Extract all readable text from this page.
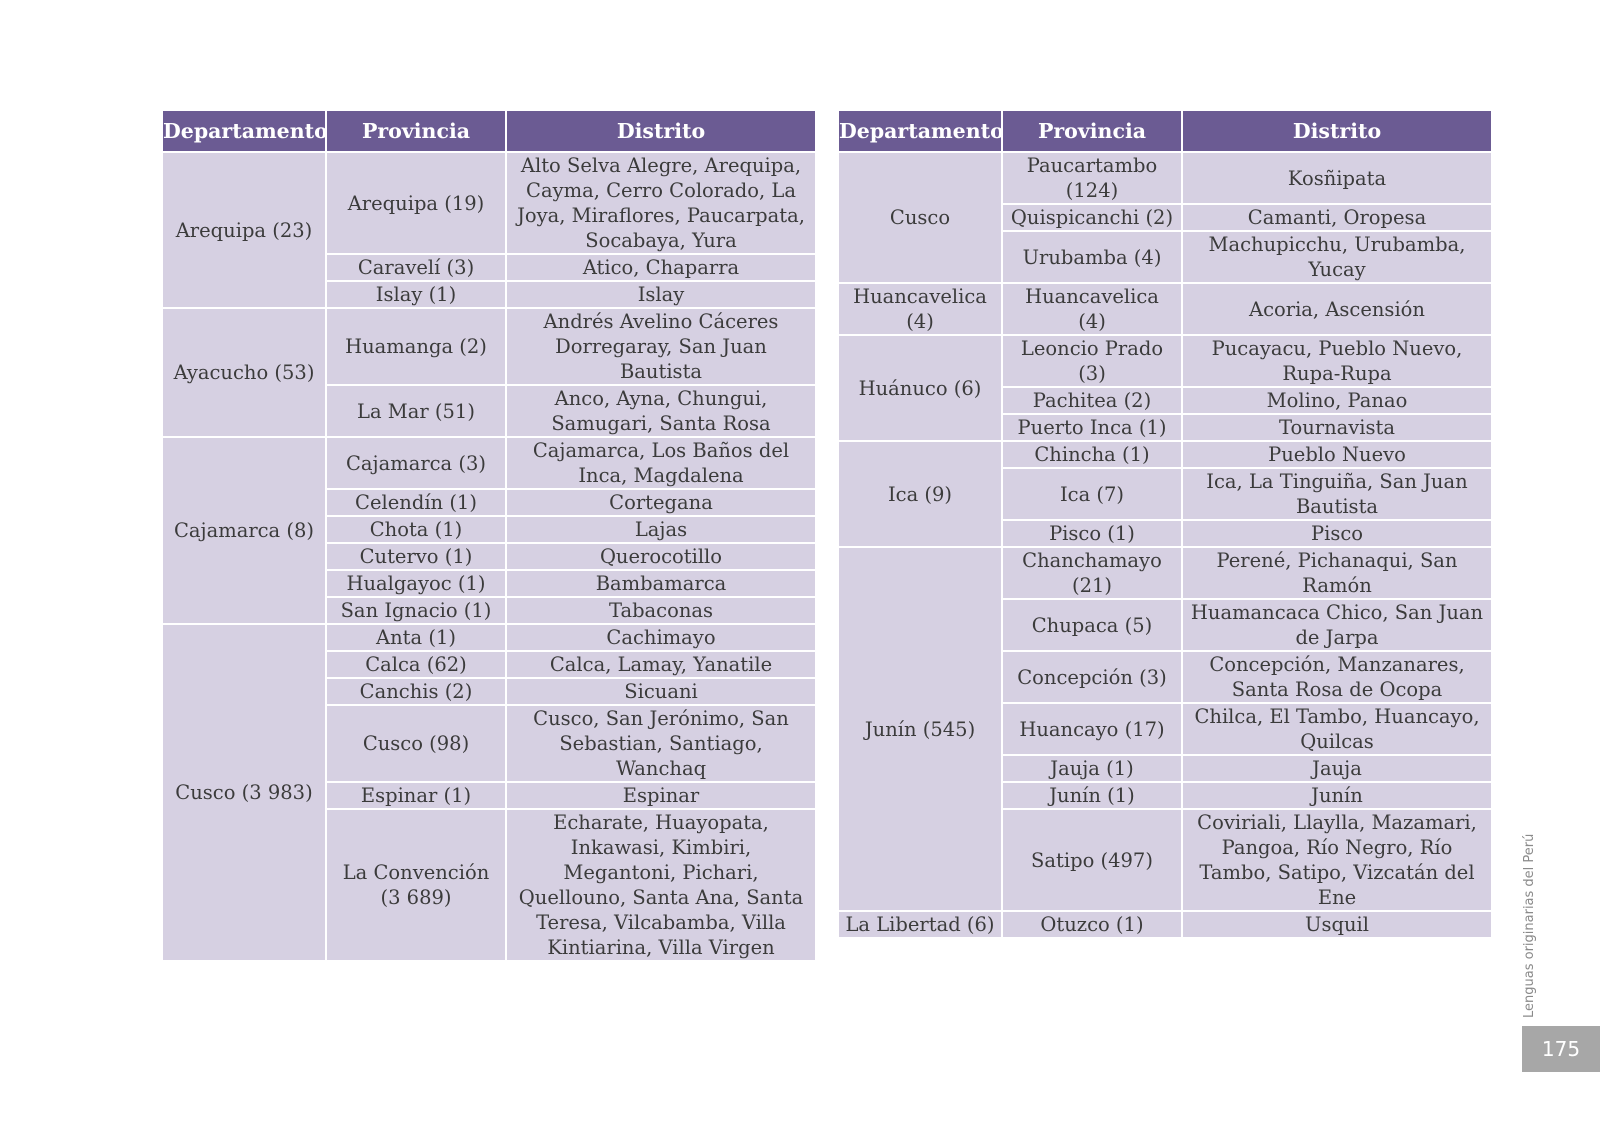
Departamento	Provincia	Distrito
Arequipa (23)	Arequipa (19)	Alto Selva Alegre, Arequipa, Cayma, Cerro Colorado, La Joya, Miraflores, Paucarpata, Socabaya, Yura
	Caravelí (3)	Atico, Chaparra
	Islay (1)	Islay
Ayacucho (53)	Huamanga (2)	Andrés Avelino Cáceres Dorregaray, San Juan Bautista
	La Mar (51)	Anco, Ayna, Chungui, Samugari, Santa Rosa
Cajamarca (8)	Cajamarca (3)	Cajamarca, Los Baños del Inca, Magdalena
	Celendín (1)	Cortegana
	Chota (1)	Lajas
	Cutervo (1)	Querocotillo
	Hualgayoc (1)	Bambamarca
	San Ignacio (1)	Tabaconas
Cusco (3 983)	Anta (1)	Cachimayo
	Calca (62)	Calca, Lamay, Yanatile
	Canchis (2)	Sicuani
	Cusco (98)	Cusco, San Jerónimo, San Sebastian, Santiago, Wanchaq
	Espinar (1)	Espinar
	La Convención (3 689)	Echarate, Huayopata, Inkawasi, Kimbiri, Megantoni, Pichari, Quellouno, Santa Ana, Santa Teresa, Vilcabamba, Villa Kintiarina, Villa Virgen
Departamento	Provincia	Distrito
Cusco	Paucartambo (124)	Kosñipata
	Quispicanchi (2)	Camanti, Oropesa
	Urubamba (4)	Machupicchu, Urubamba, Yucay
Huancavelica (4)	Huancavelica (4)	Acoria, Ascensión
Huánuco (6)	Leoncio Prado (3)	Pucayacu, Pueblo Nuevo, Rupa-Rupa
	Pachitea (2)	Molino, Panao
	Puerto Inca (1)	Tournavista
Ica (9)	Chincha (1)	Pueblo Nuevo
	Ica (7)	Ica, La Tinguiña, San Juan Bautista
	Pisco (1)	Pisco
Junín (545)	Chanchamayo (21)	Perené, Pichanaqui, San Ramón
	Chupaca (5)	Huamancaca Chico, San Juan de Jarpa
	Concepción (3)	Concepción, Manzanares, Santa Rosa de Ocopa
	Huancayo (17)	Chilca, El Tambo, Huancayo, Quilcas
	Jauja (1)	Jauja
	Junín (1)	Junín
	Satipo (497)	Coviriali, Llaylla, Mazamari, Pangoa, Río Negro, Río Tambo, Satipo, Vizcatán del Ene
La Libertad (6)	Otuzco (1)	Usquil	Lenguas originarias del Perú
175
